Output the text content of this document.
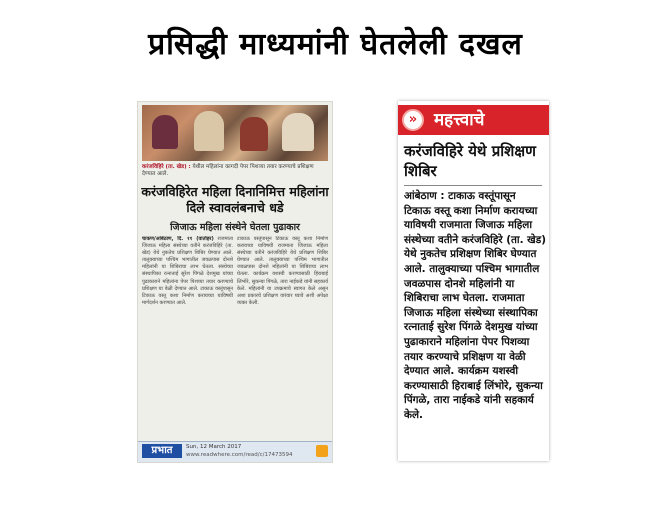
प्रसिद्धी माध्यमांनी घेतलेली दखल
करंजविहिरे (ता. खेड) : येथील महिलांना कागदी पेपर पिशव्या तयार करण्याचे प्रशिक्षण देण्यात आले.
करंजविहिरेत महिला दिनानिमित्त महिलांना दिले स्वावलंबनाचे धडे
जिजाऊ महिला संस्थेने घेतला पुढाकार
चाकण/आंबेठाण, दि. ११ (वार्ताहर) राजमाता जिजाऊ महिला संस्थेच्या वतीने करंजविहिरे (ता. खेड) येथे नुकतेच प्रशिक्षण शिबिर घेण्यात आले. तालुक्याच्या पश्चिम भागातील जवळपास दोनशे महिलांनी या शिबिराचा लाभ घेतला. संस्थेच्या संस्थापिका रत्नाताई सुरेश पिंगळे देशमुख यांच्या पुढाकाराने महिलांना पेपर पिशव्या तयार करण्याचे प्रशिक्षण या वेळी देण्यात आले. टाकाऊ वस्तूंपासून टिकाऊ वस्तू कशा निर्माण करायच्या याविषयी मार्गदर्शन करण्यात आले.
टाकाऊ वस्तूंपासून टिकाऊ वस्तू कशा निर्माण करायच्या याविषयी राजमाता जिजाऊ महिला संस्थेच्या वतीने करंजविहिरे येथे प्रशिक्षण शिबिर घेण्यात आले. तालुक्याच्या पश्चिम भागातील जवळपास दोनशे महिलांनी या शिबिराचा लाभ घेतला. कार्यक्रम यशस्वी करण्यासाठी हिराबाई लिंभोरे, सुकन्या पिंगळे, तारा नाईकडे यांनी सहकार्य केले. महिलांनी या उपक्रमाचे स्वागत केले असून अशा प्रकारचे प्रशिक्षण वारंवार घ्यावे अशी अपेक्षा व्यक्त केली.
प्रभात	Sun, 12 March 2017
www.readwhere.com/read/c/17473594
» महत्त्वाचे
करंजविहिरे येथे प्रशिक्षण शिबिर
आंबेठाण : टाकाऊ वस्तूंपासून टिकाऊ वस्तू कशा निर्माण करायच्या याविषयी राजमाता जिजाऊ महिला संस्थेच्या वतीने करंजविहिरे (ता. खेड) येथे नुकतेच प्रशिक्षण शिबिर घेण्यात आले. तालुक्याच्या पश्चिम भागातील जवळपास दोनशे महिलांनी या शिबिराचा लाभ घेतला. राजमाता जिजाऊ महिला संस्थेच्या संस्थापिका रत्नाताई सुरेश पिंगळे देशमुख यांच्या पुढाकाराने महिलांना पेपर पिशव्या तयार करण्याचे प्रशिक्षण या वेळी देण्यात आले. कार्यक्रम यशस्वी करण्यासाठी हिराबाई लिंभोरे, सुकन्या पिंगळे, तारा नाईकडे यांनी सहकार्य केले.
